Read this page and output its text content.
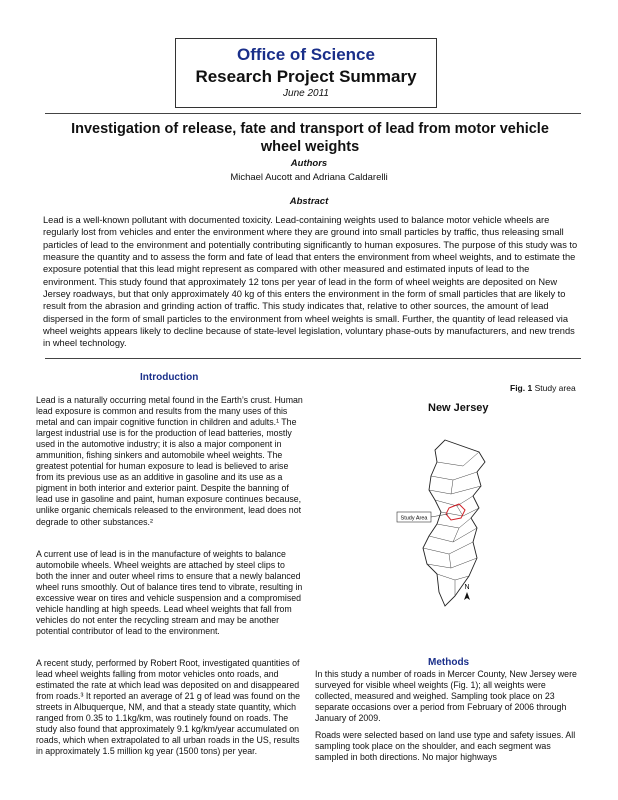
Office of Science
Research Project Summary
June 2011
Investigation of release, fate and transport of lead from motor vehicle wheel weights
Authors
Michael Aucott and Adriana Caldarelli
Abstract

Lead is a well-known pollutant with documented toxicity. Lead-containing weights used to balance motor vehicle wheels are regularly lost from vehicles and enter the environment where they are ground into small particles by traffic, thus releasing small particles of lead to the environment and potentially contributing significantly to human exposures. The purpose of this study was to measure the quantity and to assess the form and fate of lead that enters the environment from wheel weights, and to estimate the exposure potential that this lead might represent as compared with other measured and estimated inputs of lead to the environment. This study found that approximately 12 tons per year of lead in the form of wheel weights are deposited on New Jersey roadways, but that only approximately 40 kg of this enters the environment in the form of small particles that are likely to result from the abrasion and grinding action of traffic. This study indicates that, relative to other sources, the amount of lead dispersed in the form of small particles to the environment from wheel weights is small. Further, the quantity of lead released via wheel weights appears likely to decline because of state-level legislation, voluntary phase-outs by manufacturers, and new trends in wheel technology.

Introduction

Lead is a naturally occurring metal found in the Earth’s crust. Human lead exposure is common and results from the many uses of this metal and can impair cognitive function in children and adults.¹ The largest industrial use is for the production of lead batteries, mostly used in the automotive industry; it is also a major component in ammunition, fishing sinkers and automobile wheel weights. The greatest potential for human exposure to lead is believed to arise from its previous use as an additive in gasoline and its use as a pigment in both interior and exterior paint. Despite the banning of lead use in gasoline and paint, human exposure continues because, unlike organic chemicals released to the environment, lead does not degrade to other substances.²

A current use of lead is in the manufacture of weights to balance automobile wheels. Wheel weights are attached by steel clips to both the inner and outer wheel rims to ensure that a newly balanced wheel runs smoothly. Out of balance tires tend to vibrate, resulting in excessive wear on tires and vehicle suspension and a compromised vehicle handling at high speeds. Lead wheel weights that fall from vehicles do not enter the recycling stream and may be another potential contributor of lead to the environment.

A recent study, performed by Robert Root, investigated quantities of lead wheel weights falling from motor vehicles onto roads, and estimated the rate at which lead was deposited on and disappeared from roads.³ It reported an average of 21 g of lead was found on the streets in Albuquerque, NM, and that a steady state quantity, which ranged from 0.35 to 1.1kg/km, was routinely found on roads. The study also found that approximately 9.1 kg/km/year accumulated on roads, which when extrapolated to all urban roads in the US, results in approximately 1.5 million kg year (1500 tons) per year.

Fig. 1 Study area
New Jersey
Study Area
N
Methods

In this study a number of roads in Mercer County, New Jersey were surveyed for visible wheel weights (Fig. 1); all weights were collected, measured and weighed. Sampling took place on 23 separate occasions over a period from February of 2006 through January of 2009.

Roads were selected based on land use type and safety issues. All sampling took place on the shoulder, and each segment was sampled in both directions. No major highways
